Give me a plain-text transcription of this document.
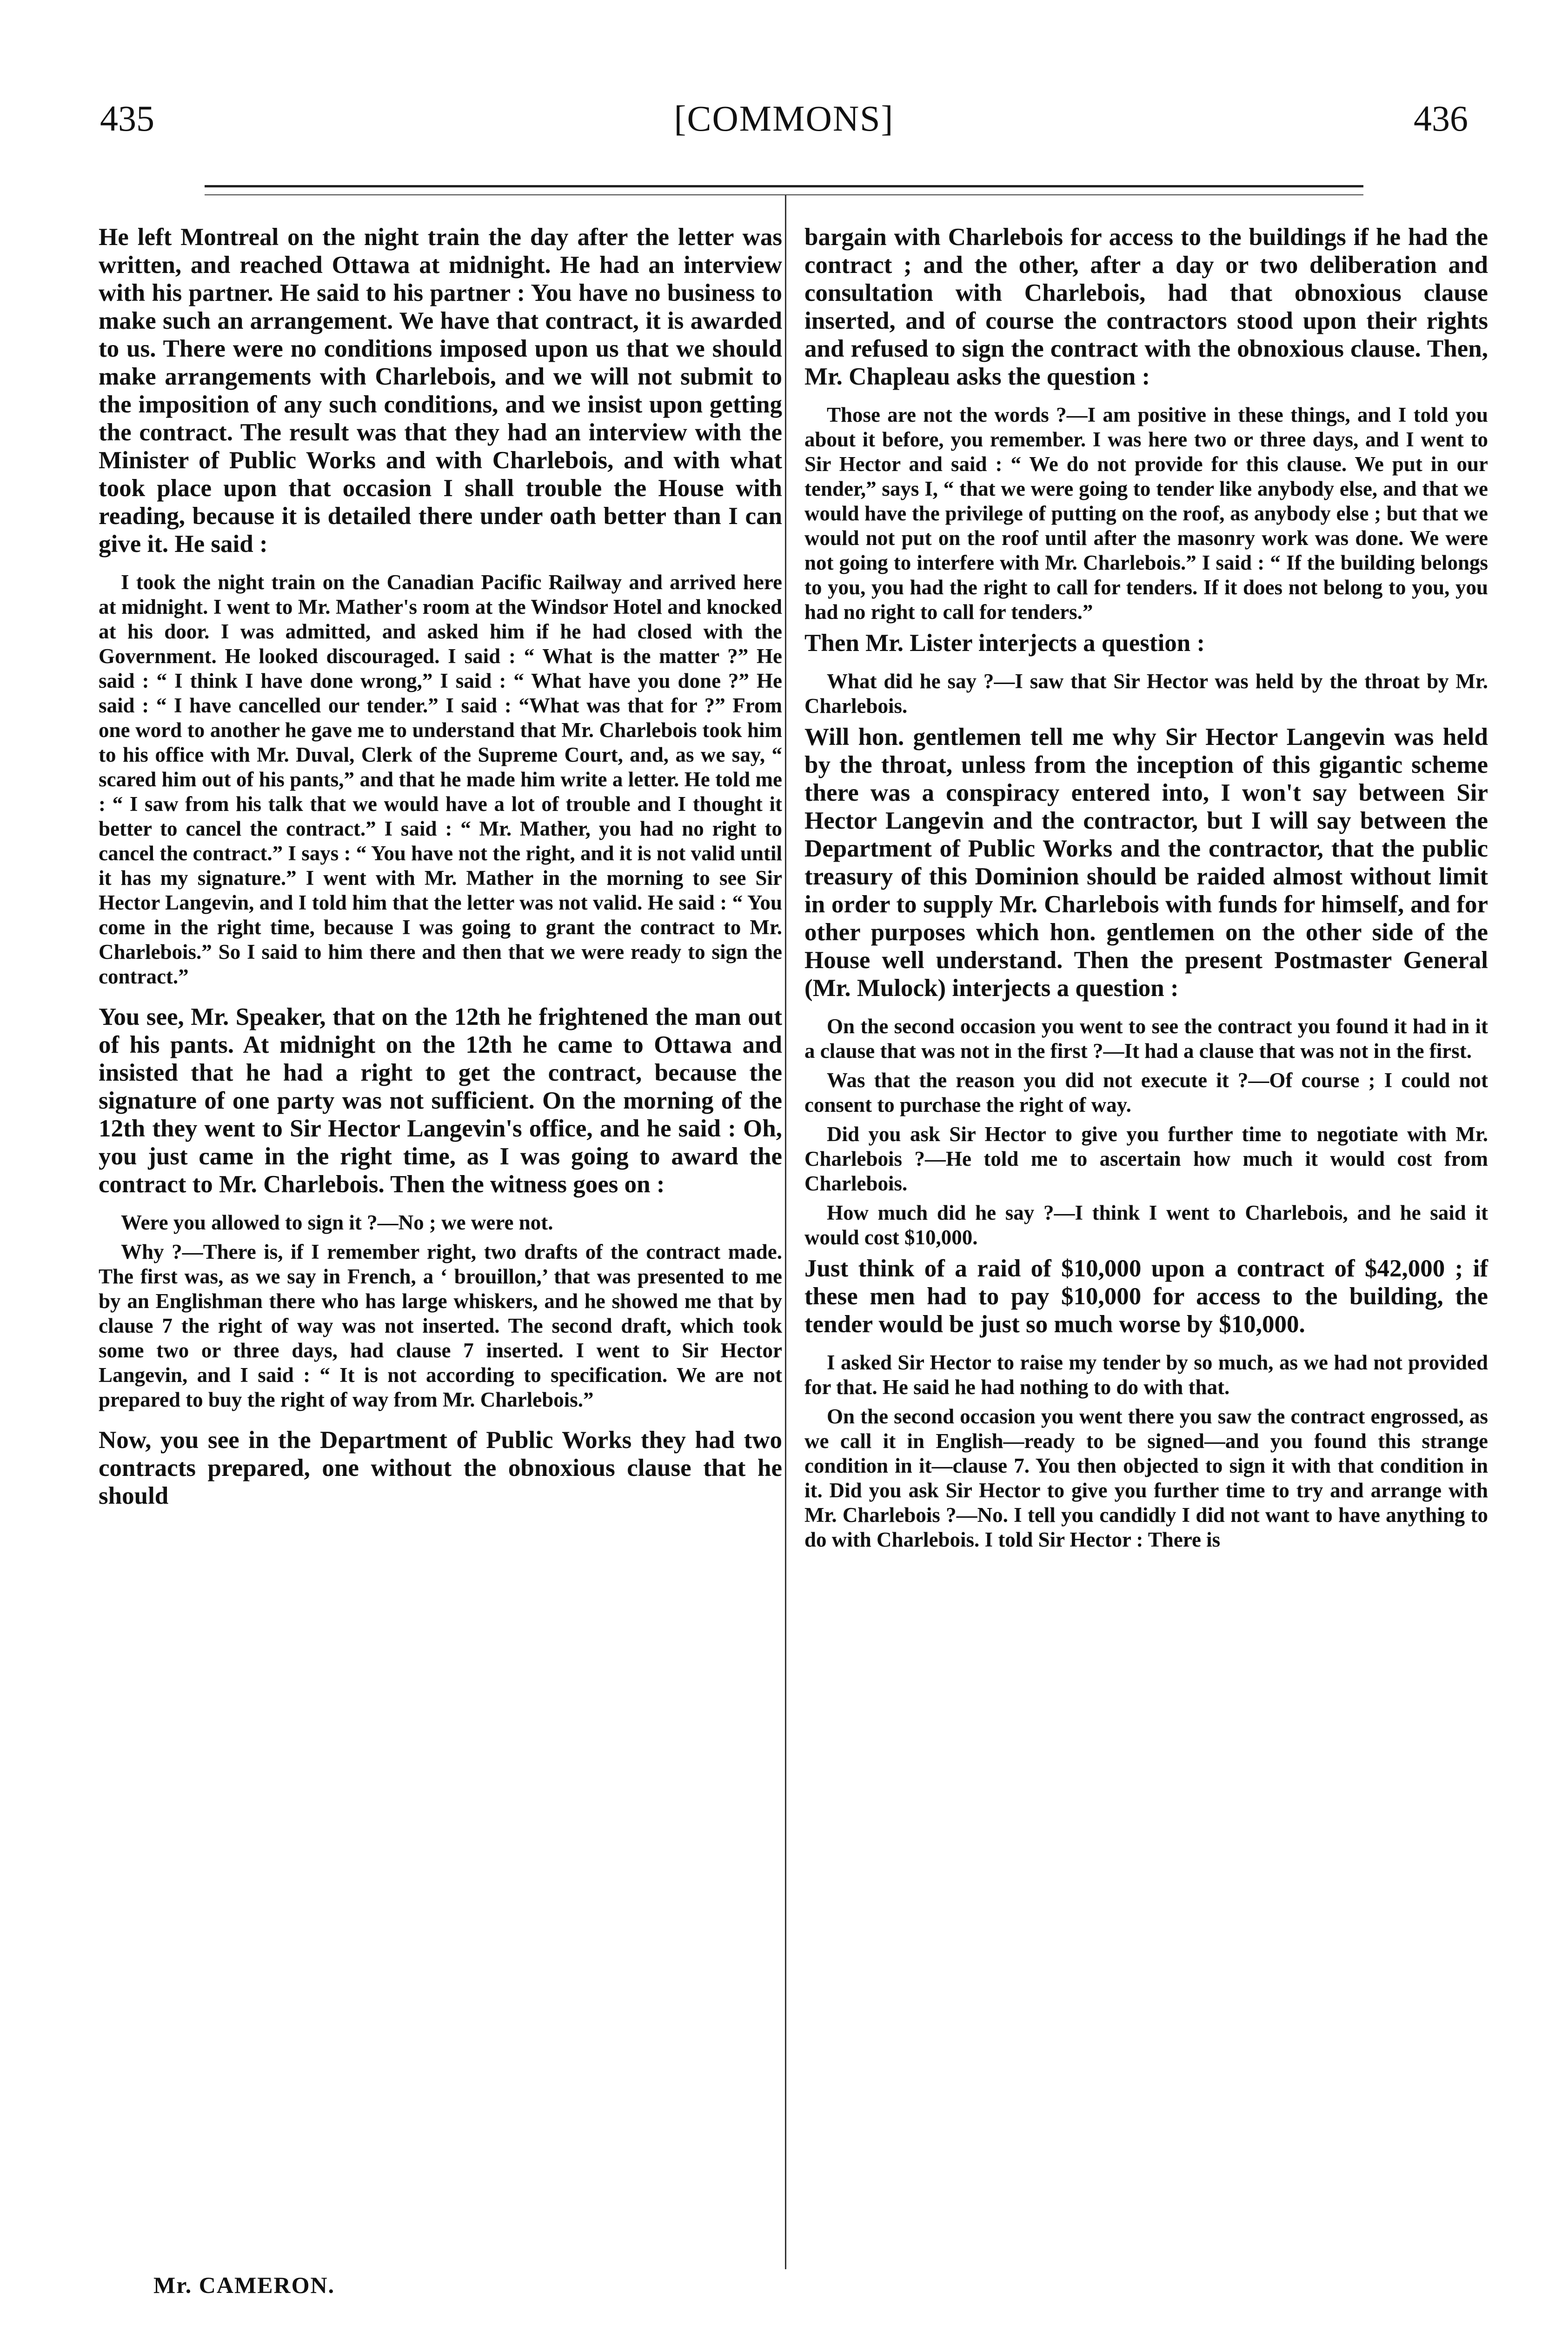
435	[COMMONS]	436

He left Montreal on the night train the day after the letter was written, and reached Ottawa at midnight. He had an interview with his partner. He said to his partner : You have no business to make such an arrangement. We have that contract, it is awarded to us. There were no conditions imposed upon us that we should make arrangements with Charlebois, and we will not submit to the imposition of any such conditions, and we insist upon getting the contract. The result was that they had an interview with the Minister of Public Works and with Charlebois, and with what took place upon that occasion I shall trouble the House with reading, because it is detailed there under oath better than I can give it. He said :

I took the night train on the Canadian Pacific Railway and arrived here at midnight. I went to Mr. Mather's room at the Windsor Hotel and knocked at his door. I was admitted, and asked him if he had closed with the Government. He looked discouraged. I said : “ What is the matter ?” He said : “ I think I have done wrong,” I said : “ What have you done ?” He said : “ I have cancelled our tender.” I said : “What was that for ?” From one word to another he gave me to understand that Mr. Charlebois took him to his office with Mr. Duval, Clerk of the Supreme Court, and, as we say, “ scared him out of his pants,” and that he made him write a letter. He told me : “ I saw from his talk that we would have a lot of trouble and I thought it better to cancel the contract.” I said : “ Mr. Mather, you had no right to cancel the contract.” I says : “ You have not the right, and it is not valid until it has my signature.” I went with Mr. Mather in the morning to see Sir Hector Langevin, and I told him that the letter was not valid. He said : “ You come in the right time, because I was going to grant the contract to Mr. Charlebois.” So I said to him there and then that we were ready to sign the contract.”

You see, Mr. Speaker, that on the 12th he frightened the man out of his pants. At midnight on the 12th he came to Ottawa and insisted that he had a right to get the contract, because the signature of one party was not sufficient. On the morning of the 12th they went to Sir Hector Langevin's office, and he said : Oh, you just came in the right time, as I was going to award the contract to Mr. Charlebois. Then the witness goes on :

Were you allowed to sign it ?—No ; we were not.

Why ?—There is, if I remember right, two drafts of the contract made. The first was, as we say in French, a ‘ brouillon,’ that was presented to me by an Englishman there who has large whiskers, and he showed me that by clause 7 the right of way was not inserted. The second draft, which took some two or three days, had clause 7 inserted. I went to Sir Hector Langevin, and I said : “ It is not according to specification. We are not prepared to buy the right of way from Mr. Charlebois.”

Now, you see in the Department of Public Works they had two contracts prepared, one without the obnoxious clause that he should

bargain with Charlebois for access to the buildings if he had the contract ; and the other, after a day or two deliberation and consultation with Charlebois, had that obnoxious clause inserted, and of course the contractors stood upon their rights and refused to sign the contract with the obnoxious clause. Then, Mr. Chapleau asks the question :

Those are not the words ?—I am positive in these things, and I told you about it before, you remember. I was here two or three days, and I went to Sir Hector and said : “ We do not provide for this clause. We put in our tender,” says I, “ that we were going to tender like anybody else, and that we would have the privilege of putting on the roof, as anybody else ; but that we would not put on the roof until after the masonry work was done. We were not going to interfere with Mr. Charlebois.” I said : “ If the building belongs to you, you had the right to call for tenders. If it does not belong to you, you had no right to call for tenders.”

Then Mr. Lister interjects a question :

What did he say ?—I saw that Sir Hector was held by the throat by Mr. Charlebois.

Will hon. gentlemen tell me why Sir Hector Langevin was held by the throat, unless from the inception of this gigantic scheme there was a conspiracy entered into, I won't say between Sir Hector Langevin and the contractor, but I will say between the Department of Public Works and the contractor, that the public treasury of this Dominion should be raided almost without limit in order to supply Mr. Charlebois with funds for himself, and for other purposes which hon. gentlemen on the other side of the House well understand. Then the present Postmaster General (Mr. Mulock) interjects a question :

On the second occasion you went to see the contract you found it had in it a clause that was not in the first ?—It had a clause that was not in the first.

Was that the reason you did not execute it ?—Of course ; I could not consent to purchase the right of way.

Did you ask Sir Hector to give you further time to negotiate with Mr. Charlebois ?—He told me to ascertain how much it would cost from Charlebois.

How much did he say ?—I think I went to Charlebois, and he said it would cost $10,000.

Just think of a raid of $10,000 upon a contract of $42,000 ; if these men had to pay $10,000 for access to the building, the tender would be just so much worse by $10,000.

I asked Sir Hector to raise my tender by so much, as we had not provided for that. He said he had nothing to do with that.

On the second occasion you went there you saw the contract engrossed, as we call it in English—ready to be signed—and you found this strange condition in it—clause 7. You then objected to sign it with that condition in it. Did you ask Sir Hector to give you further time to try and arrange with Mr. Charlebois ?—No. I tell you candidly I did not want to have anything to do with Charlebois. I told Sir Hector : There is

Mr. CAMERON.
